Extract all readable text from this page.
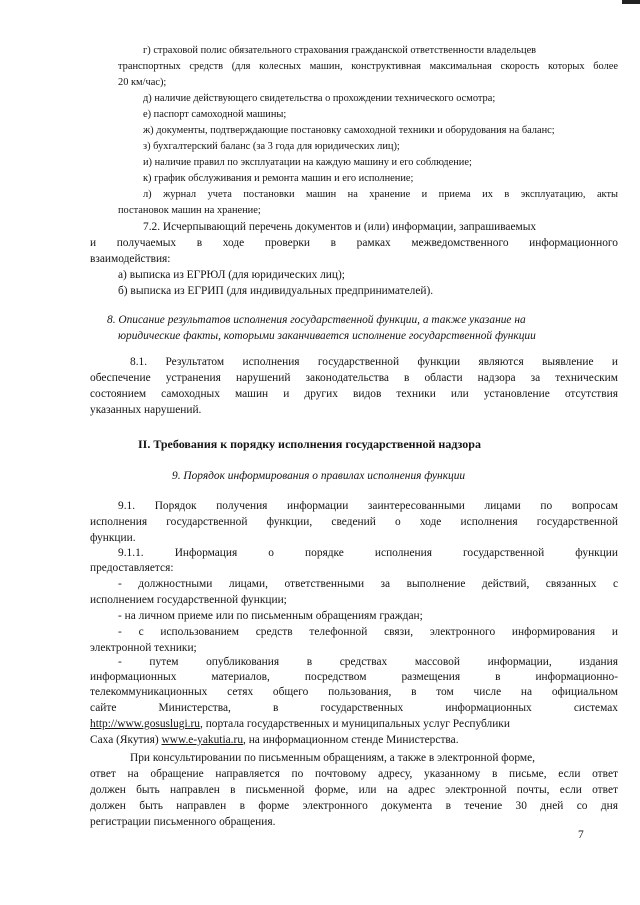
г) страховой полис обязательного страхования гражданской ответственности владельцев
транспортных средств (для колесных машин, конструктивная максимальная скорость которых более
20 км/час);
д) наличие действующего свидетельства о прохождении технического осмотра;
е) паспорт самоходной машины;
ж) документы, подтверждающие постановку самоходной техники и оборудования на баланс;
з) бухгалтерский баланс (за 3 года для юридических лиц);
и) наличие правил по эксплуатации на каждую машину и его соблюдение;
к) график обслуживания и ремонта машин и его исполнение;
л) журнал учета постановки машин на хранение и приема их в эксплуатацию, акты
постановок машин на хранение;
7.2. Исчерпывающий перечень документов и (или) информации, запрашиваемых
и получаемых в ходе проверки в рамках межведомственного информационного
взаимодействия:
а) выписка из ЕГРЮЛ (для юридических лиц);
б) выписка из ЕГРИП (для индивидуальных предпринимателей).
8. Описание результатов исполнения государственной функции, а также указание на
юридические факты, которыми заканчивается исполнение государственной функции
8.1. Результатом исполнения государственной функции являются выявление и
обеспечение устранения нарушений законодательства в области надзора за техническим
состоянием самоходных машин и других видов техники или установление отсутствия
указанных нарушений.
II. Требования к порядку исполнения государственной надзора
9. Порядок информирования о правилах исполнения функции
9.1. Порядок получения информации заинтересованными лицами по вопросам
исполнения государственной функции, сведений о ходе исполнения государственной
функции.
9.1.1. Информация о порядке исполнения государственной функции
предоставляется:
- должностными лицами, ответственными за выполнение действий, связанных с
исполнением государственной функции;
- на личном приеме или по письменным обращениям граждан;
- с использованием средств телефонной связи, электронного информирования и
электронной техники;
- путем опубликования в средствах массовой информации, издания
информационных материалов, посредством размещения в информационно-
телекоммуникационных сетях общего пользования, в том числе на официальном
сайте Министерства, в государственных информационных системах
http://www.gosuslugi.ru, портала государственных и муниципальных услуг Республики
Саха (Якутия) www.e-yakutia.ru, на информационном стенде Министерства.
При консультировании по письменным обращениям, а также в электронной форме,
ответ на обращение направляется по почтовому адресу, указанному в письме, если ответ
должен быть направлен в письменной форме, или на адрес электронной почты, если ответ
должен быть направлен в форме электронного документа в течение 30 дней со дня
регистрации письменного обращения.
7
